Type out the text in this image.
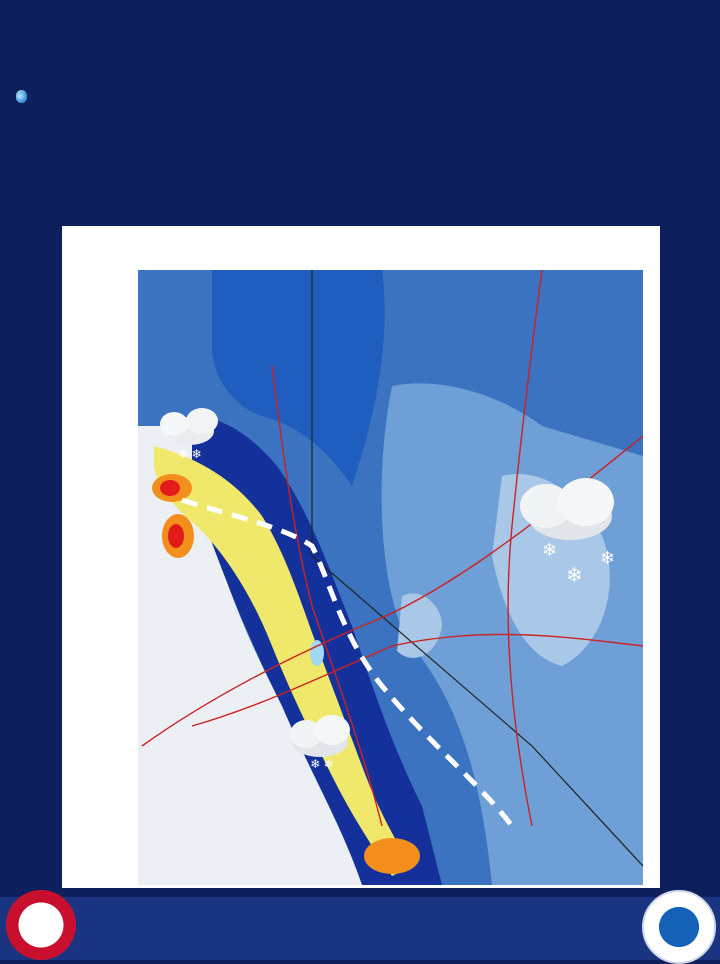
❄ ❄
❄
❄
❄
❄ ❄
